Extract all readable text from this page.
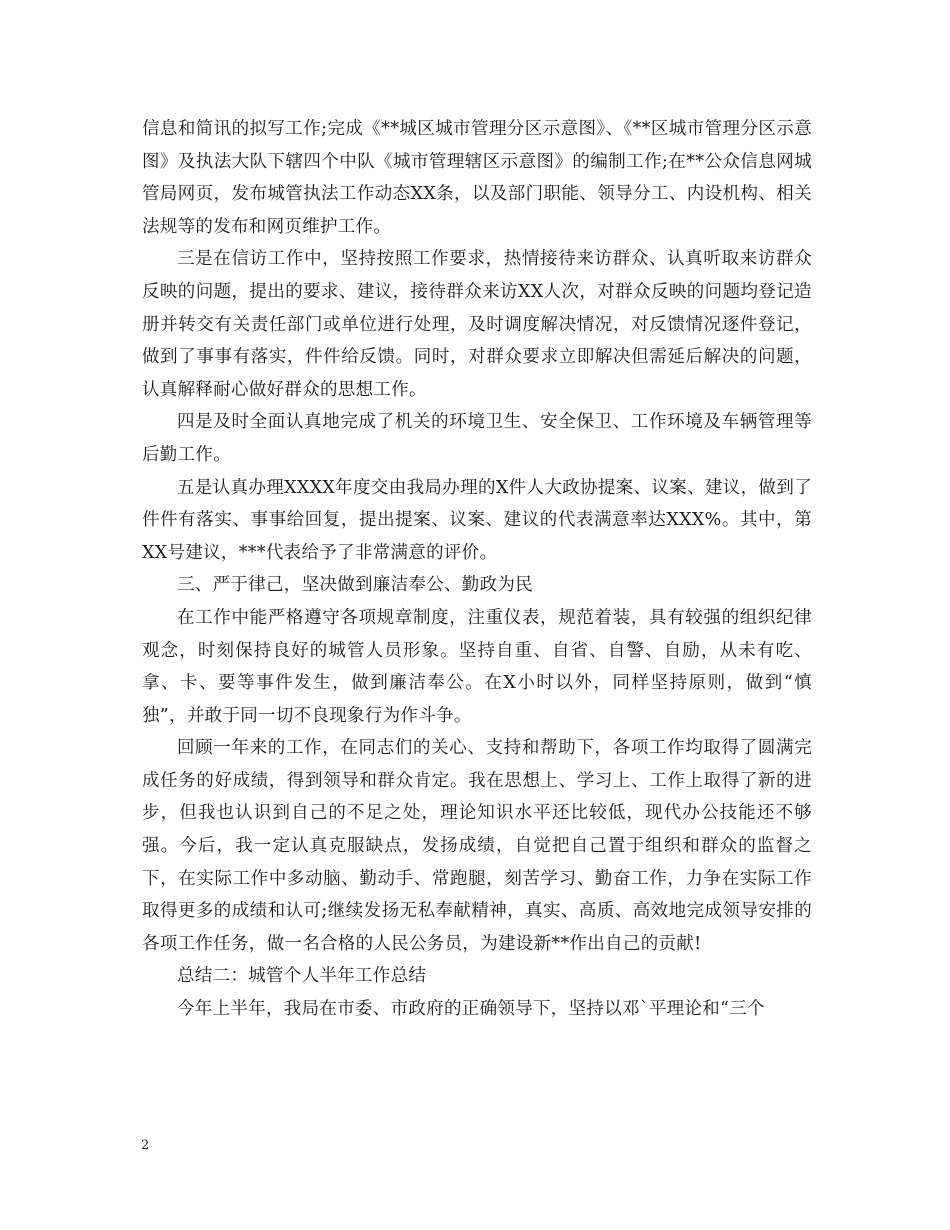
信息和简讯的拟写工作;完成《**城区城市管理分区示意图》、《**区城市管理分区示意图》及执法大队下辖四个中队《城市管理辖区示意图》的编制工作;在**公众信息网城管局网页，发布城管执法工作动态XX条，以及部门职能、领导分工、内设机构、相关法规等的发布和网页维护工作。

三是在信访工作中，坚持按照工作要求，热情接待来访群众、认真听取来访群众反映的问题，提出的要求、建议，接待群众来访XX人次，对群众反映的问题均登记造册并转交有关责任部门或单位进行处理，及时调度解决情况，对反馈情况逐件登记，做到了事事有落实，件件给反馈。同时，对群众要求立即解决但需延后解决的问题，认真解释耐心做好群众的思想工作。

四是及时全面认真地完成了机关的环境卫生、安全保卫、工作环境及车辆管理等后勤工作。

五是认真办理XXXX年度交由我局办理的X件人大政协提案、议案、建议，做到了件件有落实、事事给回复，提出提案、议案、建议的代表满意率达XXX%。其中，第XX号建议，***代表给予了非常满意的评价。

三、严于律己，坚决做到廉洁奉公、勤政为民

在工作中能严格遵守各项规章制度，注重仪表，规范着装，具有较强的组织纪律观念，时刻保持良好的城管人员形象。坚持自重、自省、自警、自励，从未有吃、拿、卡、要等事件发生，做到廉洁奉公。在X小时以外，同样坚持原则，做到“慎独”，并敢于同一切不良现象行为作斗争。

回顾一年来的工作，在同志们的关心、支持和帮助下，各项工作均取得了圆满完成任务的好成绩，得到领导和群众肯定。我在思想上、学习上、工作上取得了新的进步，但我也认识到自己的不足之处，理论知识水平还比较低，现代办公技能还不够强。今后，我一定认真克服缺点，发扬成绩，自觉把自己置于组织和群众的监督之下，在实际工作中多动脑、勤动手、常跑腿，刻苦学习、勤奋工作，力争在实际工作取得更多的成绩和认可;继续发扬无私奉献精神，真实、高质、高效地完成领导安排的各项工作任务，做一名合格的人民公务员，为建设新**作出自己的贡献!

总结二：城管个人半年工作总结

今年上半年，我局在市委、市政府的正确领导下，坚持以邓`平理论和“三个

2
